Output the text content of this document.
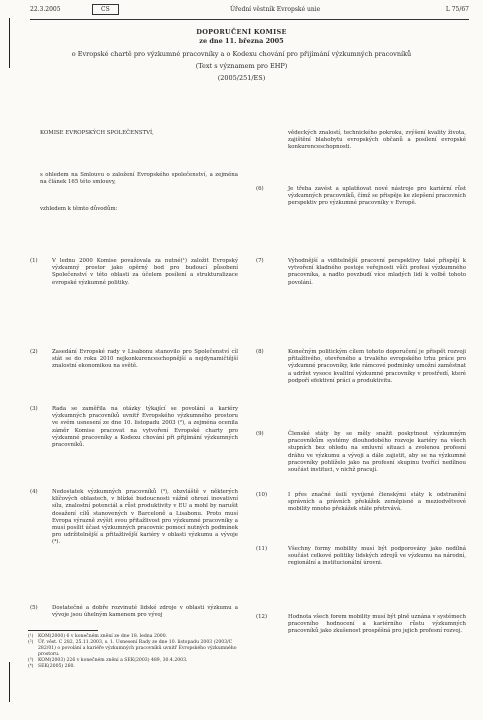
22.3.2005	CS	Úřední věstník Evropské unie	L 75/67
DOPORUČENÍ KOMISE
ze dne 11. března 2005
o Evropské chartě pro výzkumné pracovníky a o Kodexu chování pro přijímání výzkumných pracovníků
(Text s významem pro EHP)
(2005/251/ES)
KOMISE EVROPSKÝCH SPOLEČENSTVÍ,
s ohledem na Smlouvu o založení Evropského společenství, a zejména na článek 165 této smlouvy,
vzhledem k těmto důvodům:
(1)	V lednu 2000 Komise považovala za nutné(¹) založit Evropský výzkumný prostor jako opěrný bod pro budoucí působení Společenství v této oblasti za účelem posílení a strukturalizace evropské výzkumné politiky.
(2)	Zasedání Evropské rady v Lisabonu stanovilo pro Společenství cíl stát se do roku 2010 nejkonkurenceschopnější a nejdynamičtější znalostní ekonomikou na světě.
(3)	Rada se zaměřila na otázky týkající se povolání a kariéry výzkumných pracovníků uvnitř Evropského výzkumného prostoru ve svém usnesení ze dne 10. listopadu 2003 (²), a zejména ocenila záměr Komise pracovat na vytvoření Evropské charty pro výzkumné pracovníky a Kodexu chování při přijímání výzkumných pracovníků.
(4)	Nedostatek výzkumných pracovníků (³), obzvláště v některých klíčových oblastech, v blízké budoucnosti vážně ohrozí inovativní sílu, znalostní potenciál a růst produktivity v EU a mohl by narušit dosažení cílů stanovených v Barceloně a Lisabonu. Proto musí Evropa výrazně zvýšit svou přitažlivost pro výzkumné pracovníky a musí posílit účast výzkumných pracovnic pomocí nutných podmínek pro udržitelnější a přitažlivější kariéry v oblasti výzkumu a vývoje (⁴).
(5)	Dostatečné a dobře rozvinuté lidské zdroje v oblasti výzkumu a vývoje jsou úhelným kamenem pro vývoj
vědeckých znalostí, technického pokroku, zvýšení kvality života, zajištění blahobytu evropských občanů a posílení evropské konkurenceschopnosti.
(6)	Je třeba zavést a uplatňovat nové nástroje pro kariérní růst výzkumných pracovníků, čímž se přispěje ke zlepšení pracovních perspektiv pro výzkumné pracovníky v Evropě.
(7)	Výhodnější a viditelnější pracovní perspektivy také přispějí k vytvoření kladného postoje veřejnosti vůči profesi výzkumného pracovníka, a nadto povzbudí více mladých lidí k volbě tohoto povolání.
(8)	Konečným politickým cílem tohoto doporučení je přispět rozvoji přitažlivého, otevřeného a trvalého evropského trhu práce pro výzkumné pracovníky, kde rámcové podmínky umožní zaměstnat a udržet vysoce kvalitní výzkumné pracovníky v prostředí, které podpoří efektivní práci a produktivitu.
(9)	Členské státy by se měly snažit poskytnout výzkumným pracovníkům systémy dlouhodobého rozvoje kariéry na všech stupních bez ohledu na smluvní situaci a zvolenou profesní dráhu ve výzkumu a vývoji a dále zajistit, aby se na výzkumné pracovníky pohlíželo jako na profesní skupinu tvořící nedílnou součást instituci, v nichž pracují.
(10)	I přes značné úsilí vyvíjené členskými státy k odstranění správních a právních překážek zeměpisné a meziodvětvové mobility mnoho překážek stále přetrvává.
(11)	Všechny formy mobility musí být podporovány jako nedílná součást celkové politiky lidských zdrojů ve výzkumu na národní, regionální a institucionální úrovni.
(12)	Hodnota všech forem mobility musí být plně uznána v systémech pracovního hodnocení a kariérního růstu výzkumných pracovníků jako zkušenost prospěšná pro jejich profesní rozvoj.
(¹) KOM(2000) 6 v konečném znění ze dne 18. ledna 2000.
(²) Úř. věst. C 282, 25.11.2003, s. 1. Usnesení Rady ze dne 10. listopadu 2003 (2003/C 282/01) o povolání a kariéře výzkumných pracovníků uvnitř Evropského výzkumného prostoru.
(³) KOM(2003) 226 v konečném znění a SEK(2003) 489, 30.4.2003.
(⁴) SEK(2005) 260.
